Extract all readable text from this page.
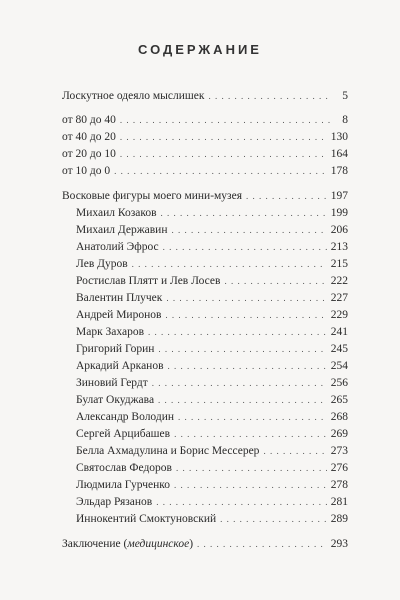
СОДЕРЖАНИЕ
Лоскутное одеяло мыслишек . . .	5
от 80 до 40 . . .	8
от 40 до 20 . . .	130
от 20 до 10 . . .	164
от 10 до 0 . . .	178
Восковые фигуры моего мини-музея . . .	197
Михаил Козаков . . .	199
Михаил Державин . . .	206
Анатолий Эфрос . . .	213
Лев Дуров . . .	215
Ростислав Плятт и Лев Лосев . . .	222
Валентин Плучек . . .	227
Андрей Миронов . . .	229
Марк Захаров . . .	241
Григорий Горин . . .	245
Аркадий Арканов . . .	254
Зиновий Гердт . . .	256
Булат Окуджава . . .	265
Александр Володин . . .	268
Сергей Арцибашев . . .	269
Белла Ахмадулина и Борис Мессерер . . .	273
Святослав Федоров . . .	276
Людмила Гурченко . . .	278
Эльдар Рязанов . . .	281
Иннокентий Смоктуновский . . .	289
Заключение (медицинское) . . .	293
